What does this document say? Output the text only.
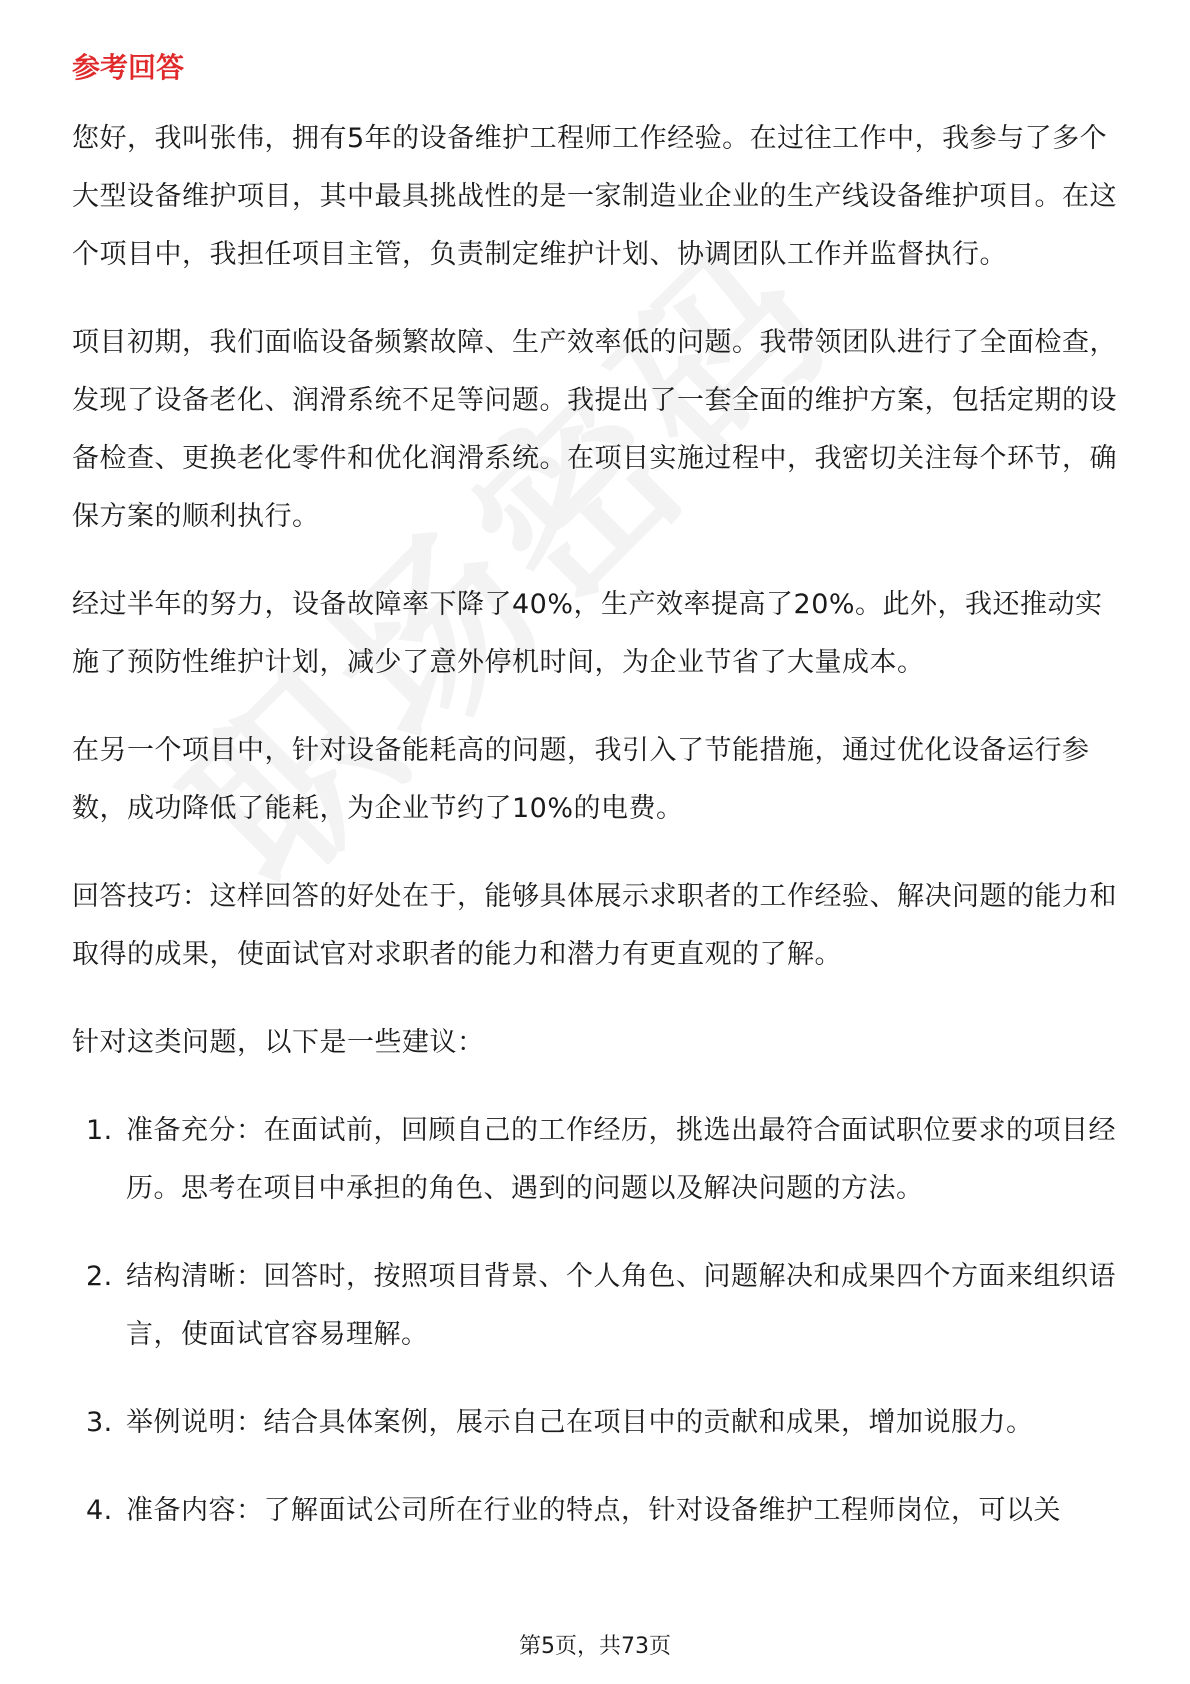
参考回答

您好，我叫张伟，拥有5年的设备维护工程师工作经验。在过往工作中，我参与了多个大型设备维护项目，其中最具挑战性的是一家制造业企业的生产线设备维护项目。在这个项目中，我担任项目主管，负责制定维护计划、协调团队工作并监督执行。

项目初期，我们面临设备频繁故障、生产效率低的问题。我带领团队进行了全面检查，发现了设备老化、润滑系统不足等问题。我提出了一套全面的维护方案，包括定期的设备检查、更换老化零件和优化润滑系统。在项目实施过程中，我密切关注每个环节，确保方案的顺利执行。

经过半年的努力，设备故障率下降了40%，生产效率提高了20%。此外，我还推动实施了预防性维护计划，减少了意外停机时间，为企业节省了大量成本。

在另一个项目中，针对设备能耗高的问题，我引入了节能措施，通过优化设备运行参数，成功降低了能耗，为企业节约了10%的电费。

回答技巧：这样回答的好处在于，能够具体展示求职者的工作经验、解决问题的能力和取得的成果，使面试官对求职者的能力和潜力有更直观的了解。

针对这类问题，以下是一些建议：

1. 准备充分：在面试前，回顾自己的工作经历，挑选出最符合面试职位要求的项目经历。思考在项目中承担的角色、遇到的问题以及解决问题的方法。
2. 结构清晰：回答时，按照项目背景、个人角色、问题解决和成果四个方面来组织语言，使面试官容易理解。
3. 举例说明：结合具体案例，展示自己在项目中的贡献和成果，增加说服力。
4. 准备内容：了解面试公司所在行业的特点，针对设备维护工程师岗位，可以关
第5页，共73页
